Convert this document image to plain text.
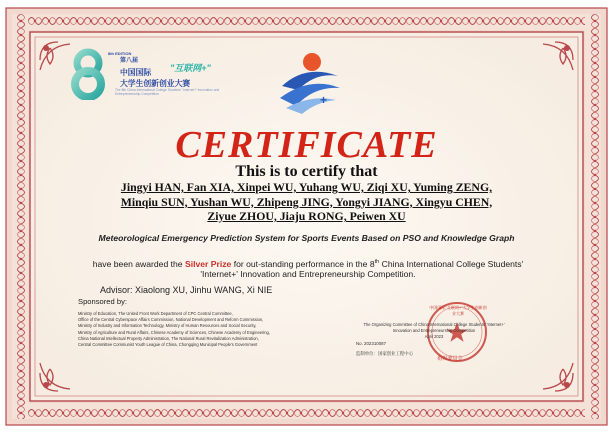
8th EDITION
第八届
"互联网+"
中国国际
大学生创新创业大赛
The 8th China International College Students' 'Internet+' Innovation and Entrepreneurship Competition	+
CERTIFICATE
This is to certify that
Jingyi HAN, Fan XIA, Xinpei WU, Yuhang WU, Ziqi XU, Yuming ZENG,
Minqiu SUN, Yushan WU, Zhipeng JING, Yongyi JIANG, Xingyu CHEN,
Ziyue ZHOU, Jiaju RONG, Peiwen XU
Meteorological Emergency Prediction System for Sports Events Based on PSO and Knowledge Graph
have been awarded the Silver Prize for out-standing performance in the 8th China International College Students' 'Internet+' Innovation and Entrepreneurship Competition.
Advisor: Xiaolong XU, Jinhu WANG, Xi NIE
Sponsored by:
Ministry of Education, The United Front Work Department of CPC Central Committee,
Office of the Central Cyberspace Affairs Commission, National Development and Reform Commission,
Ministry of Industry and Information Technology, Ministry of Human Resources and Social Security,
Ministry of Agriculture and Rural Affairs, Chinese Academy of Sciences, Chinese Academy of Engineering,
China National Intellectual Property Administration, The National Rural Revitalization Administration,
Central Committee Communist Youth League of China, Chongqing Municipal People's Government
中国国际"互联网+"大学生创新创业大赛
The Organizing Committee of China International College Students' 'Internet+' Innovation and Entrepreneurship Competition
April 2023
No. 202310087
监制单位：国家创业工程中心
组织委员会
